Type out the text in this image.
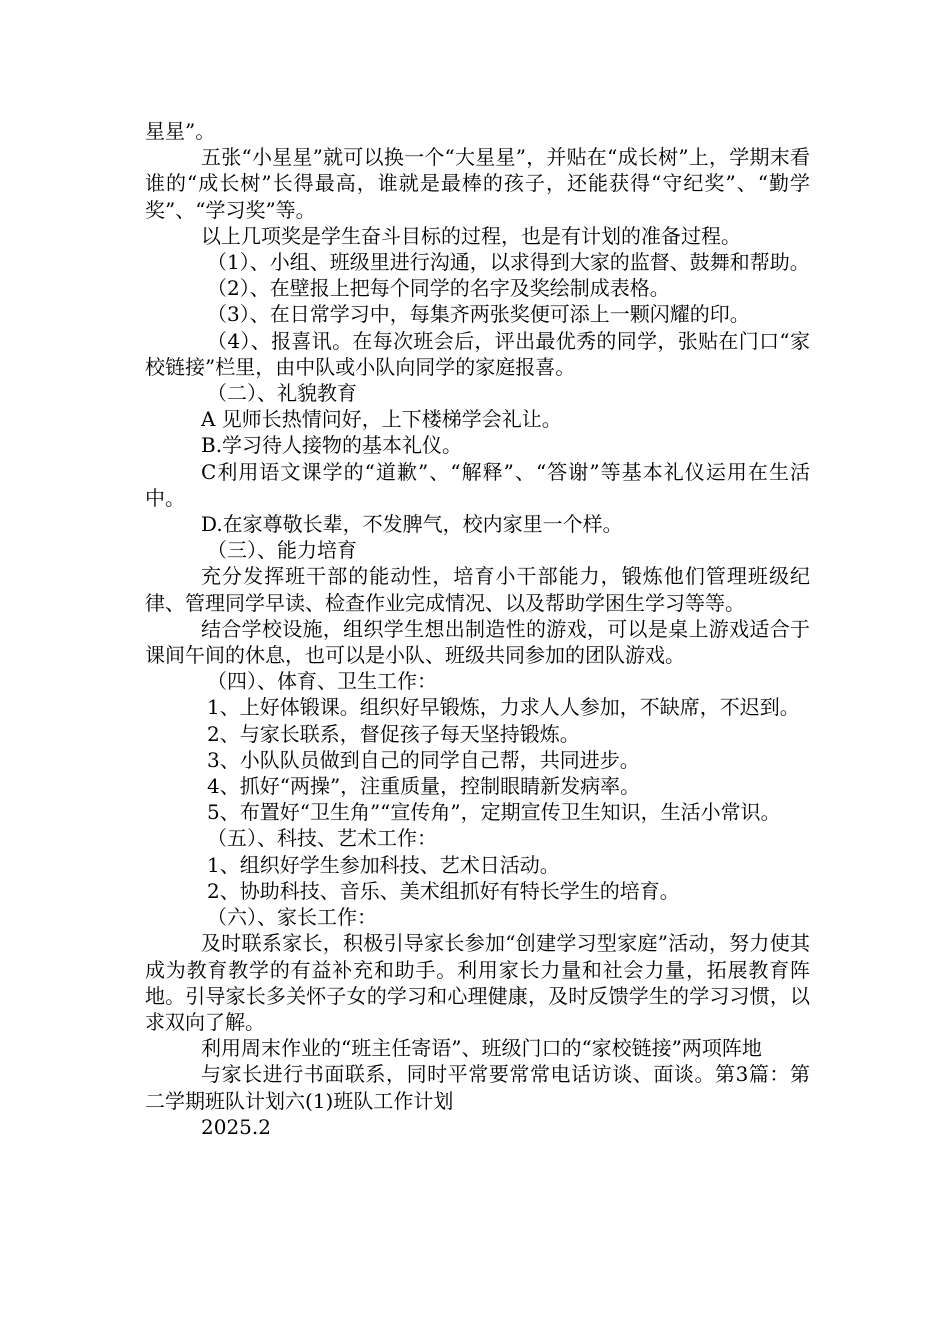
星星”。

五张“小星星”就可以换一个“大星星”，并贴在“成长树”上，学期末看谁的“成长树”长得最高，谁就是最棒的孩子，还能获得“守纪奖”、“勤学奖”、“学习奖”等。

以上几项奖是学生奋斗目标的过程，也是有计划的准备过程。

（1）、小组、班级里进行沟通，以求得到大家的监督、鼓舞和帮助。

（2）、在壁报上把每个同学的名字及奖绘制成表格。

（3）、在日常学习中，每集齐两张奖便可添上一颗闪耀的印。

（4）、报喜讯。在每次班会后，评出最优秀的同学，张贴在门口“家校链接”栏里，由中队或小队向同学的家庭报喜。

（二）、礼貌教育

A 见师长热情问好，上下楼梯学会礼让。

B.学习待人接物的基本礼仪。

C利用语文课学的“道歉”、“解释”、“答谢”等基本礼仪运用在生活中。

D.在家尊敬长辈，不发脾气，校内家里一个样。

（三）、能力培育

充分发挥班干部的能动性，培育小干部能力，锻炼他们管理班级纪律、管理同学早读、检查作业完成情况、以及帮助学困生学习等等。

结合学校设施，组织学生想出制造性的游戏，可以是桌上游戏适合于课间午间的休息，也可以是小队、班级共同参加的团队游戏。

（四）、体育、卫生工作：

1、上好体锻课。组织好早锻炼，力求人人参加，不缺席，不迟到。

2、与家长联系，督促孩子每天坚持锻炼。

3、小队队员做到自己的同学自己帮，共同进步。

4、抓好“两操”，注重质量，控制眼睛新发病率。

5、布置好“卫生角”“宣传角”，定期宣传卫生知识，生活小常识。

（五）、科技、艺术工作：

1、组织好学生参加科技、艺术日活动。

2、协助科技、音乐、美术组抓好有特长学生的培育。

（六）、家长工作：

及时联系家长，积极引导家长参加“创建学习型家庭”活动，努力使其成为教育教学的有益补充和助手。利用家长力量和社会力量，拓展教育阵地。引导家长多关怀子女的学习和心理健康，及时反馈学生的学习习惯，以求双向了解。

利用周末作业的“班主任寄语”、班级门口的“家校链接”两项阵地

与家长进行书面联系，同时平常要常常电话访谈、面谈。第3篇：第二学期班队计划六(1)班队工作计划

2025.2
